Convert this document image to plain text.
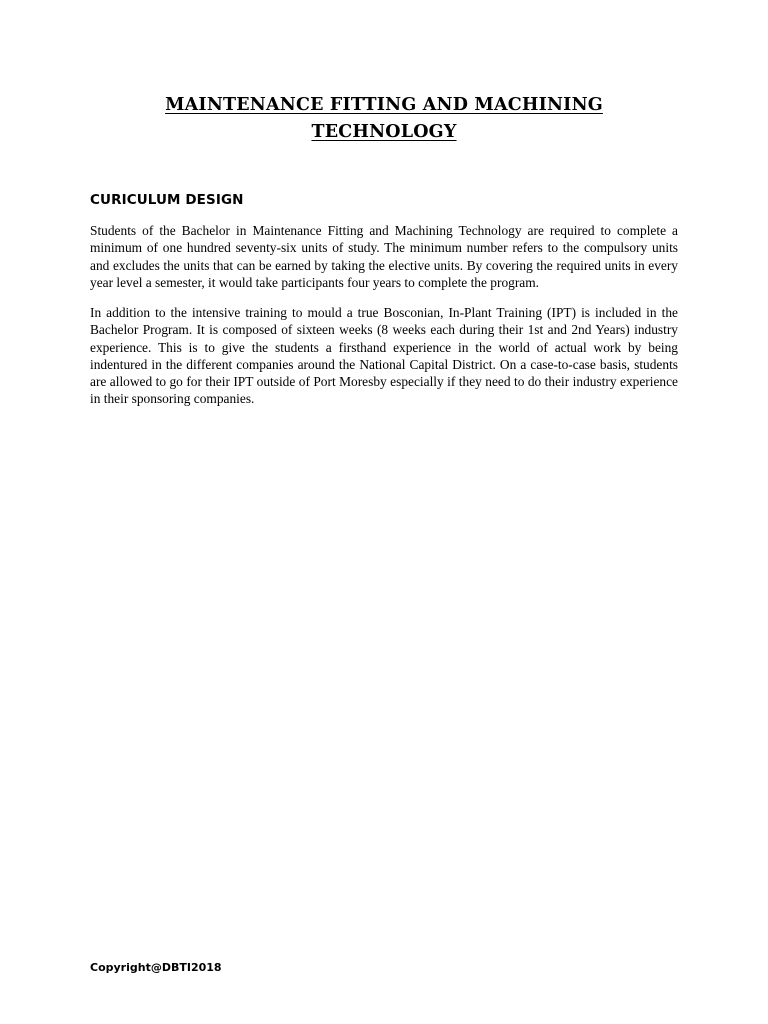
MAINTENANCE FITTING AND MACHINING
TECHNOLOGY
CURICULUM DESIGN

Students of the Bachelor in Maintenance Fitting and Machining Technology are required to complete a minimum of one hundred seventy-six units of study. The minimum number refers to the compulsory units and excludes the units that can be earned by taking the elective units. By covering the required units in every year level a semester, it would take participants four years to complete the program.

In addition to the intensive training to mould a true Bosconian, In-Plant Training (IPT) is included in the Bachelor Program. It is composed of sixteen weeks (8 weeks each during their 1st and 2nd Years) industry experience. This is to give the students a firsthand experience in the world of actual work by being indentured in the different companies around the National Capital District. On a case-to-case basis, students are allowed to go for their IPT outside of Port Moresby especially if they need to do their industry experience in their sponsoring companies.

Copyright@DBTI2018
